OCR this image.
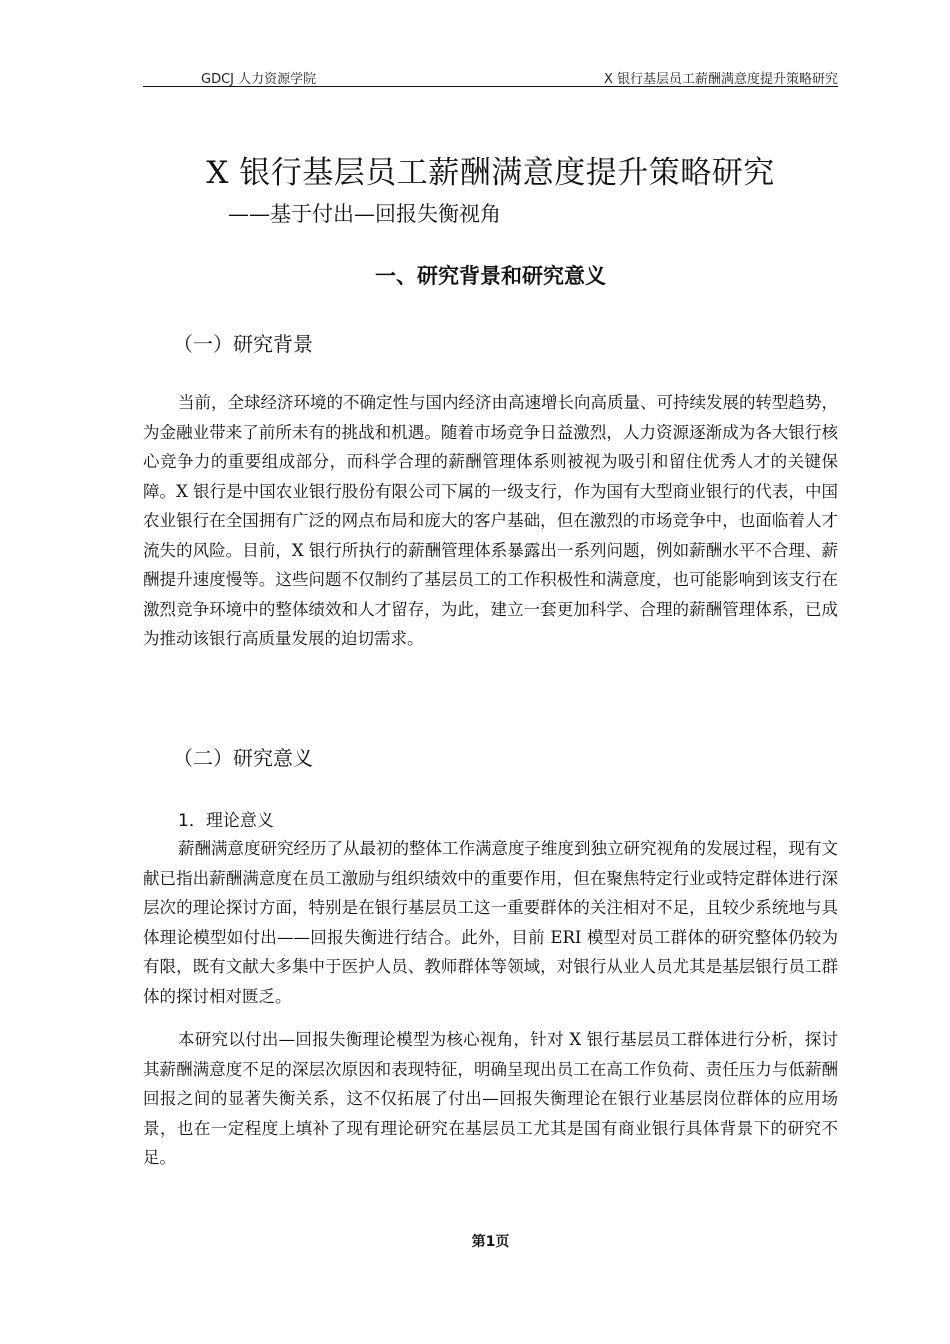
GDCJ 人力资源学院	X 银行基层员工薪酬满意度提升策略研究
X 银行基层员工薪酬满意度提升策略研究
——基于付出—回报失衡视角
一、研究背景和研究意义
（一）研究背景

当前，全球经济环境的不确定性与国内经济由高速增长向高质量、可持续发展的转型趋势，为金融业带来了前所未有的挑战和机遇。随着市场竞争日益激烈，人力资源逐渐成为各大银行核心竞争力的重要组成部分，而科学合理的薪酬管理体系则被视为吸引和留住优秀人才的关键保障。X 银行是中国农业银行股份有限公司下属的一级支行，作为国有大型商业银行的代表，中国农业银行在全国拥有广泛的网点布局和庞大的客户基础，但在激烈的市场竞争中，也面临着人才流失的风险。目前，X 银行所执行的薪酬管理体系暴露出一系列问题，例如薪酬水平不合理、薪酬提升速度慢等。这些问题不仅制约了基层员工的工作积极性和满意度，也可能影响到该支行在激烈竞争环境中的整体绩效和人才留存，为此，建立一套更加科学、合理的薪酬管理体系，已成为推动该银行高质量发展的迫切需求。

（二）研究意义
1．理论意义

薪酬满意度研究经历了从最初的整体工作满意度子维度到独立研究视角的发展过程，现有文献已指出薪酬满意度在员工激励与组织绩效中的重要作用，但在聚焦特定行业或特定群体进行深层次的理论探讨方面，特别是在银行基层员工这一重要群体的关注相对不足，且较少系统地与具体理论模型如付出——回报失衡进行结合。此外，目前 ERI 模型对员工群体的研究整体仍较为有限，既有文献大多集中于医护人员、教师群体等领域，对银行从业人员尤其是基层银行员工群体的探讨相对匮乏。

本研究以付出—回报失衡理论模型为核心视角，针对 X 银行基层员工群体进行分析，探讨其薪酬满意度不足的深层次原因和表现特征，明确呈现出员工在高工作负荷、责任压力与低薪酬回报之间的显著失衡关系，这不仅拓展了付出—回报失衡理论在银行业基层岗位群体的应用场景，也在一定程度上填补了现有理论研究在基层员工尤其是国有商业银行具体背景下的研究不足。

第1页
